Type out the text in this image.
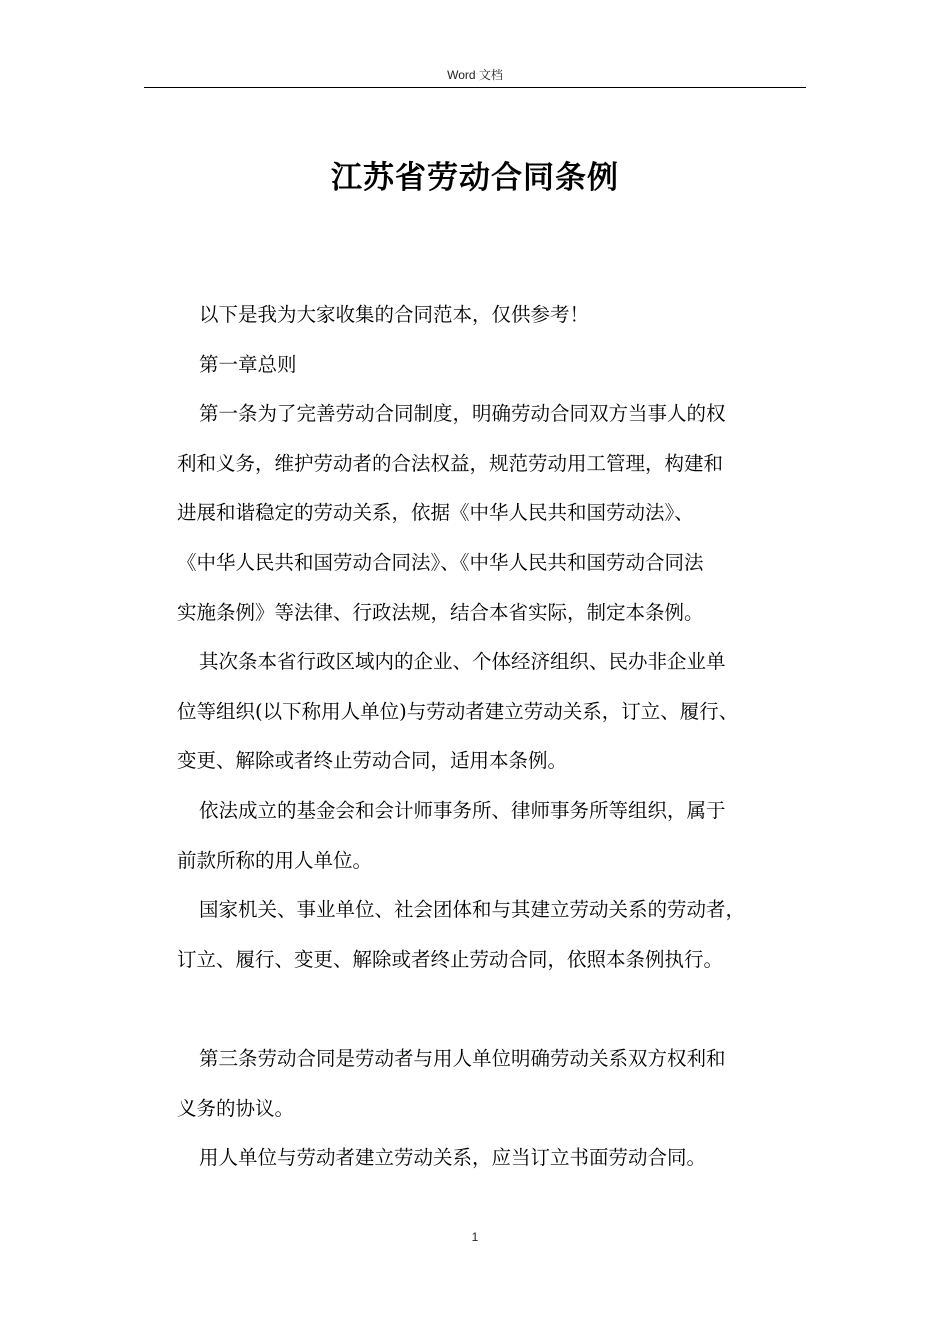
Word 文档
江苏省劳动合同条例

以下是我为大家收集的合同范本，仅供参考！

第一章总则

第一条为了完善劳动合同制度，明确劳动合同双方当事人的权
利和义务，维护劳动者的合法权益，规范劳动用工管理，构建和
进展和谐稳定的劳动关系，依据《中华人民共和国劳动法》、
《中华人民共和国劳动合同法》、《中华人民共和国劳动合同法
实施条例》等法律、行政法规，结合本省实际，制定本条例。

其次条本省行政区域内的企业、个体经济组织、民办非企业单
位等组织(以下称用人单位)与劳动者建立劳动关系，订立、履行、
变更、解除或者终止劳动合同，适用本条例。

依法成立的基金会和会计师事务所、律师事务所等组织，属于
前款所称的用人单位。

国家机关、事业单位、社会团体和与其建立劳动关系的劳动者，
订立、履行、变更、解除或者终止劳动合同，依照本条例执行。

第三条劳动合同是劳动者与用人单位明确劳动关系双方权利和
义务的协议。

用人单位与劳动者建立劳动关系，应当订立书面劳动合同。

1
